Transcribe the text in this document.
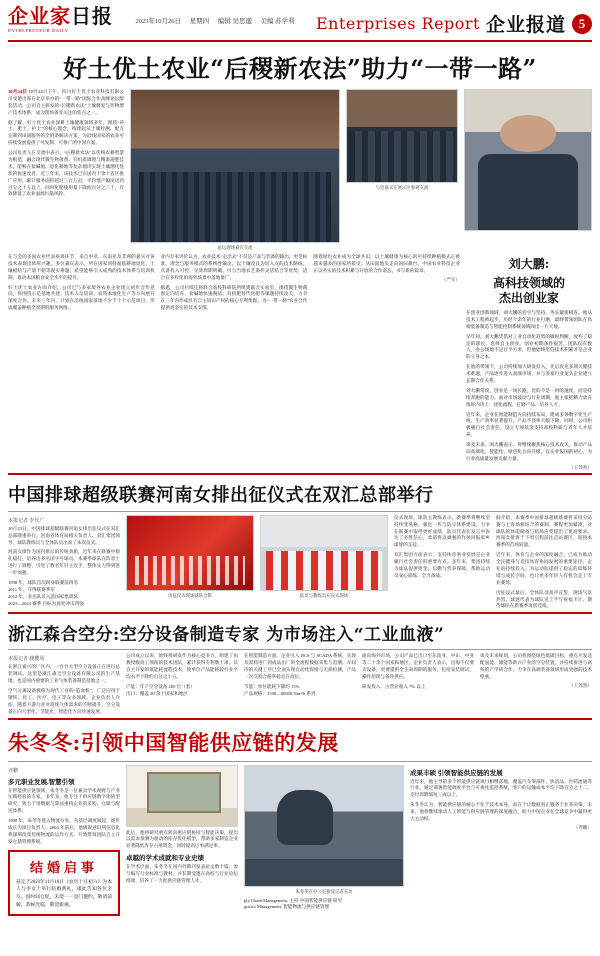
企业家日报
ENTREPRENEUR DAILY
2023年10月26日 星期四 编辑 吴思邈 美编 苏学利	Enterprises Report 企业报道 5
好土优土农业“后稷新农法”助力“一带一路”
10月24日 10月24日下午，四川好土优土农业科技有限公司受邀出席在北京举办的“一带一路”国际合作高峰论坛配套活动，公司自主研发的“后稷新农法”土壤修复与作物增产技术体系，成为现场备受关注的焦点之一。
据了解，好土优土农业深耕土壤健康领域多年，围绕“养土、肥土、护土”的核心理念，构建起从土壤检测、配方定制到田间服务的全链条解决方案，为沿线国家的农业可持续发展提供了可复制、可推广的中国方案。
公司负责人在交流中表示，“后稷新农法”以传统农耕智慧为根基，融合现代微生物菌剂、有机质调理与精准施肥技术，能够在盐碱地、退化耕地等复杂地块实现土壤理化性状的快速改善。近三年来，该技术已在国内十余个省区推广应用，累计服务面积超过三百万亩，平均增产幅度达到百分之十五以上，同时化肥使用量下降约百分之二十，有效降低了农业面源污染风险。
论坛现场嘉宾交流
与会嘉宾在展示区参观交流
在与会的多国农业代表座谈环节，来自中亚、东南亚及非洲的嘉宾对该技术表现出浓厚兴趣。多位嘉宾表示，所在国家同样面临耕地退化、土壤板结与产量不稳等现实难题，希望能够引入成熟的技术体系与培训机制，推动本国粮食安全水平的提升。
好土优土农业方面介绍，公司已与多家境外农业企业建立初步合作意向，将围绕示范基地共建、技术人员培训、农资本地化生产等方向展开深度合作。未来三年内，计划在沿线国家落地不少于十个示范项目，形成覆盖种植全周期的服务网络。
业内专家评价认为，农业技术“走出去”不仅是产品与装备的输出，更是标准、理念与服务模式的系统性输出。以土壤改良为切入点的技术路线，具备投入可控、见效周期明确、可与当地农艺条件灵活结合等优势，适合在多样化的海外场景中落地推广。
据悉，公司后续还将联合高校科研院所组建联合实验室，围绕微生物菌群定向培育、盐碱地快速脱盐、有机肥替代化肥等课题持续攻关，力争在三年内形成具有自主知识产权的核心专利集群，为“一带一路”农业合作提供更坚实的技术支撑。
随着绿色农业成为全球共识，以土壤健康为核心的可持续种植模式正被越来越多的国家所接受。从田间地头走向国际舞台，中国农业科技企业正以务实的技术积累与开放的合作姿态，书写新的篇章。
（严实）
刘大鹏:
高科技领域的
杰出创业家
在创业创新领域，刘大鹏的名字与坚持、务实紧密相连。他从技术工程师起步，历经十余年的行业打磨，最终带领团队在高端装备制造与智能控制系统领域闯出一片天地。
早年间，刘大鹏凭借对工业自动化趋势的敏锐判断，放弃了稳定的职位，选择自主创业。创业初期条件艰苦，团队仅有数人，办公场地不足百平方米，但他始终坚信技术积累才是企业的立身之本。
在他的带领下，公司持续加大研发投入，先后攻克多项关键技术难题，产品逐步进入高端市场，并与多家行业龙头企业建立长期合作关系。
刘大鹏常说，创业是一场长跑，比的不是一时的速度，而是持续奔跑的能力。面对市场波动与行业周期，他主张把精力放在练好内功上：优化流程、打磨产品、培养人才。
近年来，企业在智能制造方向持续布局，建成多条数字化生产线，生产效率显著提升，产品不良率大幅下降。同时，公司积极履行社会责任，设立专项基金支持高校科研与青年人才培养。
谈及未来，刘大鹏表示，将继续聚焦核心技术攻关，推动产品向高端化、智能化、绿色化方向升级，以实业报国的初心，为行业高质量发展贡献力量。
（王莽然）
中国排球超级联赛河南女排出征仪式在双汇总部举行
本报记者 李代广
10月23日，中国排球超级联赛河南女排出征仪式在双汇总部隆重举行。河南省体育局相关负责人、双汇集团领导、球队教练员与全体队员出席了本次仪式。
河南女排作为国内排坛的传统劲旅，近年来在联赛中稳扎稳打，培养出多名国字号球员。本赛季球队在阵容上进行了调整，引进了数名年轻主攻手，整体实力得到进一步加强。
1998 年，球队首次跻身联赛前四名
2011 年，夺得联赛季军
2012 年，多名队员入选国家集训队
2023—2024 赛季 目标为再度冲击四强
出征仪式现场球队合影	队员与教练员在仪式现场
仪式现场，球队主教练表示，新赛季将继续坚持快变风格，强化一传与防守体系建设，力争在联赛中取得更好成绩。队员代表在发言中表达了必胜信心，承诺将以顽强的作风回报家乡球迷的支持。
双汇集团方面表示，支持体育事业发展是企业履行社会责任的重要方式。多年来，集团持续为球队提供资金、后勤与营养保障，帮助运动员安心训练、全力备战。
据介绍，本赛季中国排球超级联赛将采用分站赛与主客场相结合的赛制，赛程更加紧凑，对球队的体能储备与临场应变提出了更高要求。河南女排将于下周启程前往首站赛区，迎接本赛季的首场较量。
近年来，体育与企业的深度融合，已成为推动全民健身与竞技体育协同发展的重要途径。企业的持续投入，为运动队提供了稳定的训练环境与成长空间，也让更多年轻人有机会走上专业赛场。
出征仪式最后，全体队员高声宣誓，现场气氛热烈。球迷代表为球队送上手写祝福卡片，期待球队在新赛季再创佳绩。
浙江森合空分:空分设备制造专家 为市场注入“工业血液”
本报记者 楼樱凤
在浙江嘉兴的厂区内，一台台大型空分设备正在进行总装调试。这里是浙江森合空分设备有限公司的生产基地，也是国内重要的工业气体装备制造基地之一。
空气分离设备被称为现代工业的“造血机”，广泛应用于钢铁、化工、医疗、电子等众多领域。企业负责人介绍，随着下游行业对高纯气体需求的不断提升，空分设备正向大型化、节能化、智能化方向快速发展。
公司成立以来，始终将研发作为核心竞争力，组建了由教授级高工领衔的技术团队，累计获得专利数十项。其自主开发的低能耗流程技术，使单位产品能耗较行业平均水平下降约百分之十五。
产能：年产空分设备 260 台（套）
出口：覆盖 20 余个国家和地区
在智能制造方面，企业引入 DCS 与 SCADA 系统，实现从原料进厂到成品出厂的全流程数据采集与追溯。车间内的关键工序已全面实现自动化焊接与无损检测，产品一次交验合格率稳定在高位。
节能：单位能耗下降约 15%
产品规格：1500—60000 Nm³/h 系列
面向海外市场，公司产品已出口至东南亚、中东、中亚等二十余个国家和地区。企业负责人表示，出海不仅要卖设备，更要提供全生命周期的服务，包括安装调试、操作培训与备件供应。
研发投入：占营业收入 7% 以上
谈及未来规划，公司将围绕绿色低碳目标，重点开发适配氢能、储能等新兴产业的空分装置，并持续推进与高校的产学研合作，力争在高端装备领域形成更强的技术壁垒。
（王荞然）
朱冬冬:引领中国智能供应链的发展
齐鹏
多元职业发展,智慧引领
在智能供应链领域，朱冬冬是一位兼具学术视野与产业实践经验的专家。多年来，他专注于供应链数字化转型研究，致力于用数据与算法重构企业的采购、仓储与配送体系。
1998 年，朱冬冬进入物流行业，从基层调度做起，逐步成长为项目负责人。2004 年前后，他敏锐意识到信息化将深刻改变传统物流的运作方式，开始带领团队自主开发仓储管理系统。
结婚启事
兹定于2023年11月18日（农历十月初六）为本人与李女士举行结婚典礼，谨此告知各位亲友。因时间仓促，未能一一登门邀约，敬请谅解。恭候光临，敬贺新禧。
此后，他将研究重点转向供应链协同与智能决策，提出以需求预测为驱动的库存优化模型，帮助多家制造企业显著降低库存占用资金，同时提高订单满足率。
卓越的学术成就和专业史绩
在学术层面，朱冬冬在国内外期刊发表论文数十篇，参与编写行业标准与教材，并长期受邀在高校与行业论坛授课，培养了一大批供应链管理人才。
朱冬冬在办公室接受记者采访
ply Chain Management, 主持 中国智能供应链 研究
gistics Management, 智能物流与供应链管理
成果丰硕 引领智能供应链的发展
近年来，他主导的多个智能供应链项目相继落地，覆盖汽车零部件、快消品、医药流通等行业。通过部署智能调度平台与可视化监控系统，客户的运输成本平均下降百分之十二，交付周期缩短三成以上。
朱冬冬认为，智能供应链的核心不在于技术本身，而在于让数据真正服务于业务决策。未来，他将继续推动人工智能与供应链管理的深度融合，助力中国企业在全球竞争中赢得更大主动权。
（齐鹏）
